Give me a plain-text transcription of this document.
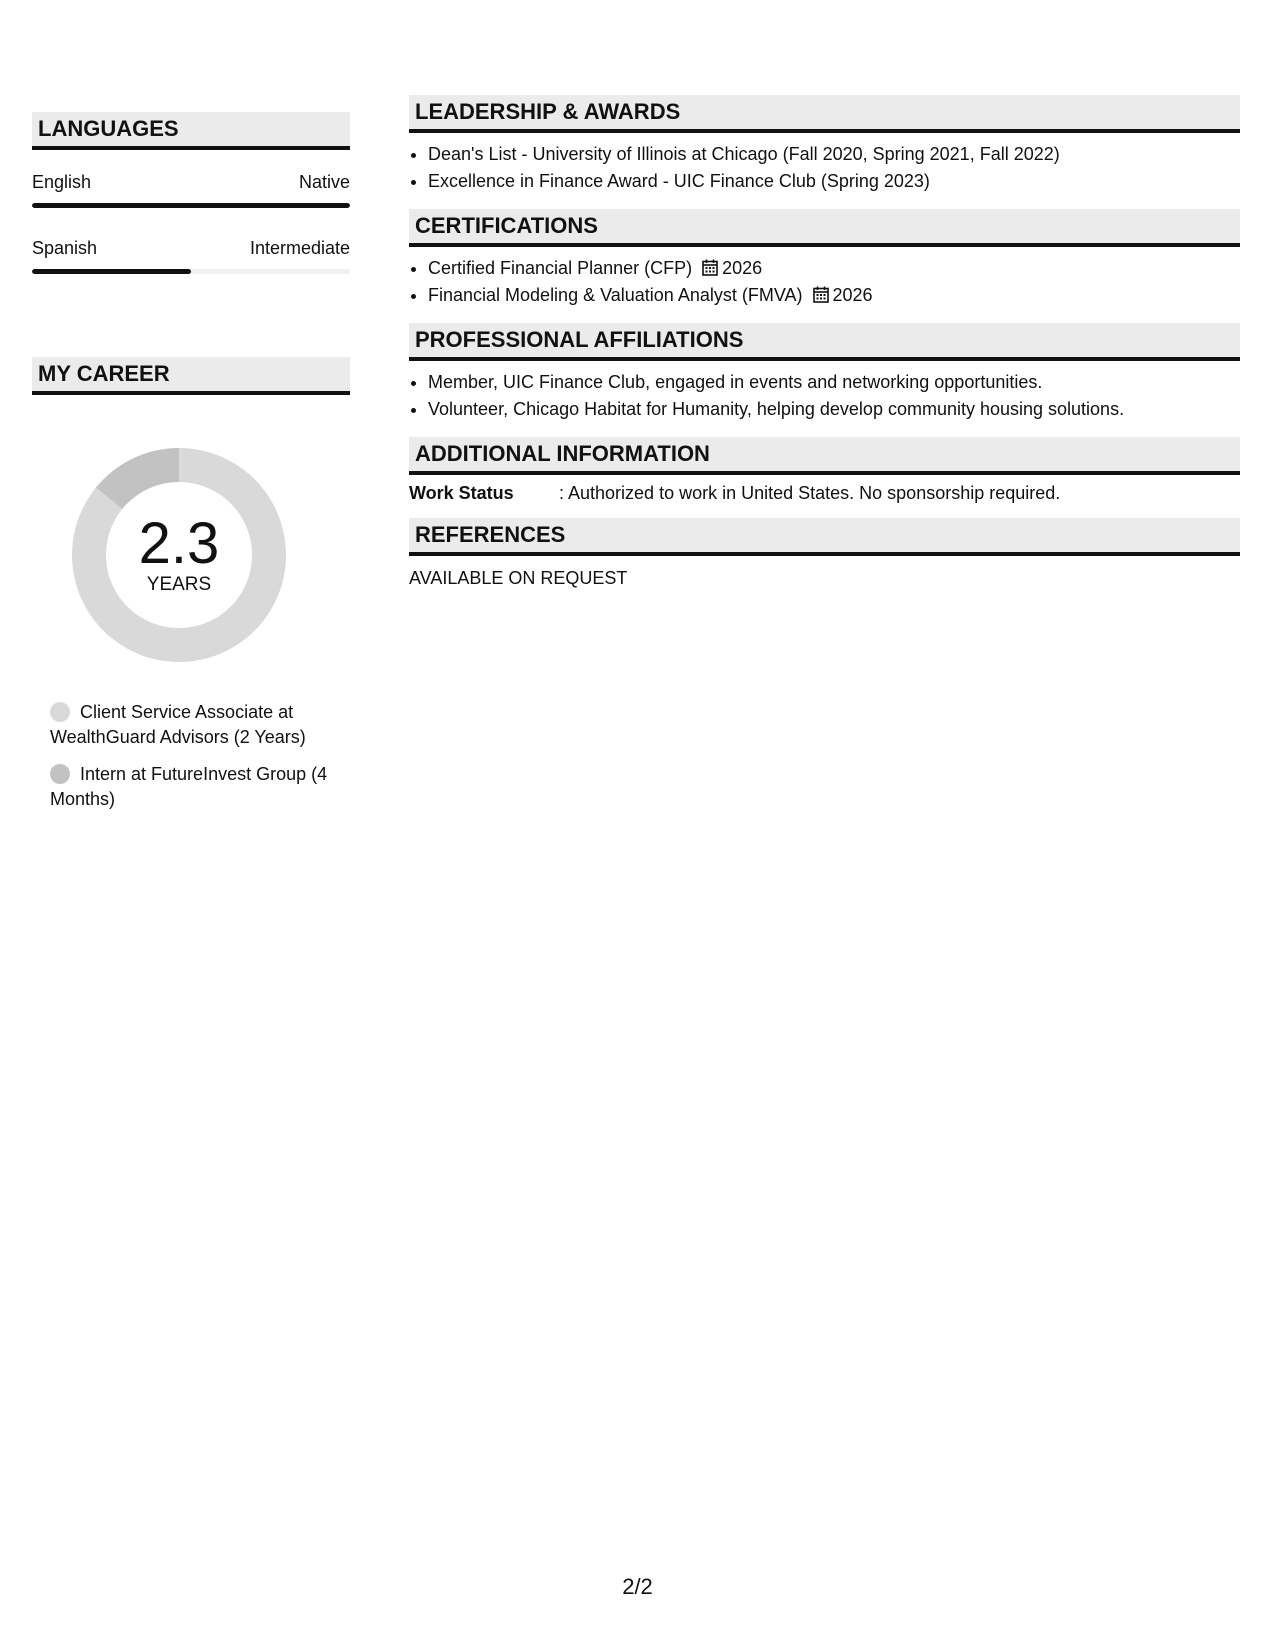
LANGUAGES
English	Native
Spanish	Intermediate
MY CAREER
2.3
YEARS
Client Service Associate at WealthGuard Advisors (2 Years)
Intern at FutureInvest Group (4 Months)
LEADERSHIP & AWARDS
• Dean's List - University of Illinois at Chicago (Fall 2020, Spring 2021, Fall 2022)
• Excellence in Finance Award - UIC Finance Club (Spring 2023)
CERTIFICATIONS
• Certified Financial Planner (CFP) 2026
• Financial Modeling & Valuation Analyst (FMVA) 2026
PROFESSIONAL AFFILIATIONS
• Member, UIC Finance Club, engaged in events and networking opportunities.
• Volunteer, Chicago Habitat for Humanity, helping develop community housing solutions.
ADDITIONAL INFORMATION
Work Status	: Authorized to work in United States. No sponsorship required.
REFERENCES
AVAILABLE ON REQUEST
2/2
